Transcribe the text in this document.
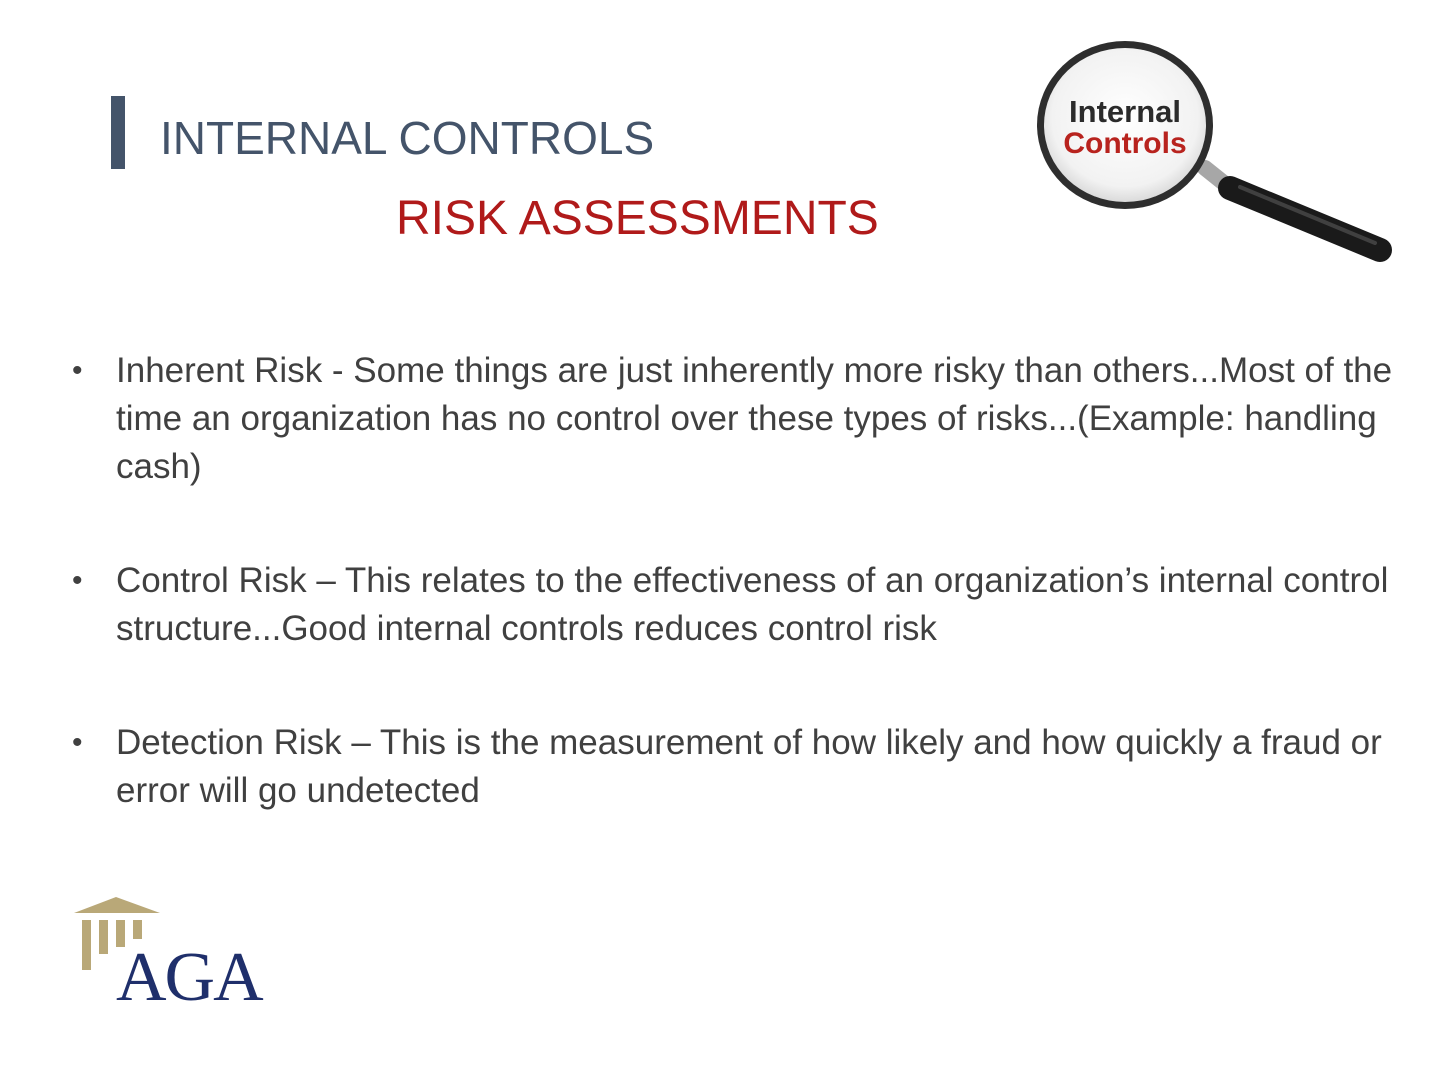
INTERNAL CONTROLS
RISK ASSESSMENTS
Internal
Controls
• Inherent Risk - Some things are just inherently more risky than others...Most of the time an organization has no control over these types of risks...(Example: handling cash)
• Control Risk – This relates to the effectiveness of an organization’s internal control structure...Good internal controls reduces control risk
• Detection Risk – This is the measurement of how likely and how quickly a fraud or error will go undetected
AGA
